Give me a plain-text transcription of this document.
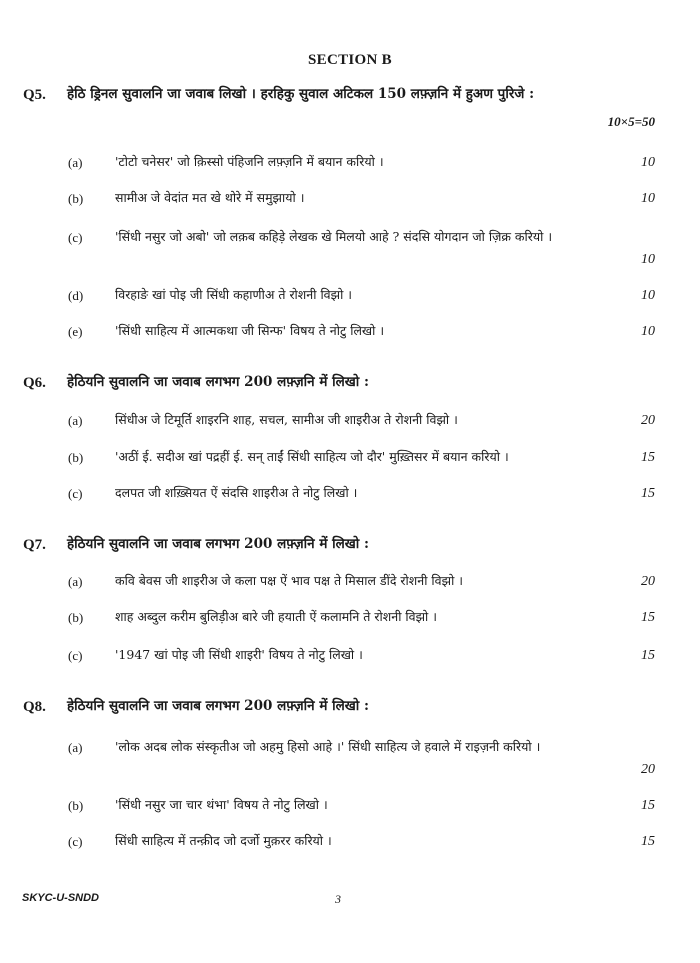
SECTION B
Q5. हेठि ड्रिनल सुवालनि जा जवाब लिखो । हरहिकु सुवाल अटिकल 150 लफ़्ज़नि में हुअण पुरिजे :
10×5=50
(a)	'टोटो चनेसर' जो क़िस्सो पंहिजनि लफ़्ज़नि में बयान करियो ।	10
(b)	सामीअ जे वेदांत मत खे थोरे में समुझायो ।	10
(c)	'सिंधी नसुर जो अबो' जो लक़ब कहिड़े लेखक खे मिलयो आहे ? संदसि योगदान जो ज़िक्र करियो ।
10
(d)	विरहाङे खां पोइ जी सिंधी कहाणीअ ते रोशनी विझो ।	10
(e)	'सिंधी साहित्य में आत्मकथा जी सिन्फ' विषय ते नोटु लिखो ।	10
Q6. हेठियनि सुवालनि जा जवाब लगभग 200 लफ़्ज़नि में लिखो :
(a)	सिंधीअ जे टिमूर्ति शाइरनि शाह, सचल, सामीअ जी शाइरीअ ते रोशनी विझो ।	20
(b)	'अठीं ई. सदीअ खां पद्रहीं ई. सन् ताईं सिंधी साहित्य जो दौर' मुख़्तिसर में बयान करियो ।	15
(c)	दलपत जी शख़्सियत ऐं संदसि शाइरीअ ते नोटु लिखो ।	15
Q7. हेठियनि सुवालनि जा जवाब लगभग 200 लफ़्ज़नि में लिखो :
(a)	कवि बेवस जी शाइरीअ जे कला पक्ष ऐं भाव पक्ष ते मिसाल डींदे रोशनी विझो ।	20
(b)	शाह अब्दुल करीम बुलिड़ीअ बारे जी हयाती ऐं कलामनि ते रोशनी विझो ।	15
(c)	'1947 खां पोइ जी सिंधी शाइरी' विषय ते नोटु लिखो ।	15
Q8. हेठियनि सुवालनि जा जवाब लगभग 200 लफ़्ज़नि में लिखो :
(a)	'लोक अदब लोक संस्कृतीअ जो अहमु हिसो आहे ।' सिंधी साहित्य जे हवाले में राइज़नी करियो ।
20
(b)	'सिंधी नसुर जा चार थंभा' विषय ते नोटु लिखो ।	15
(c)	सिंधी साहित्य में तन्क़ीद जो दर्जो मुक़रर करियो ।	15
SKYC-U-SNDD	3
